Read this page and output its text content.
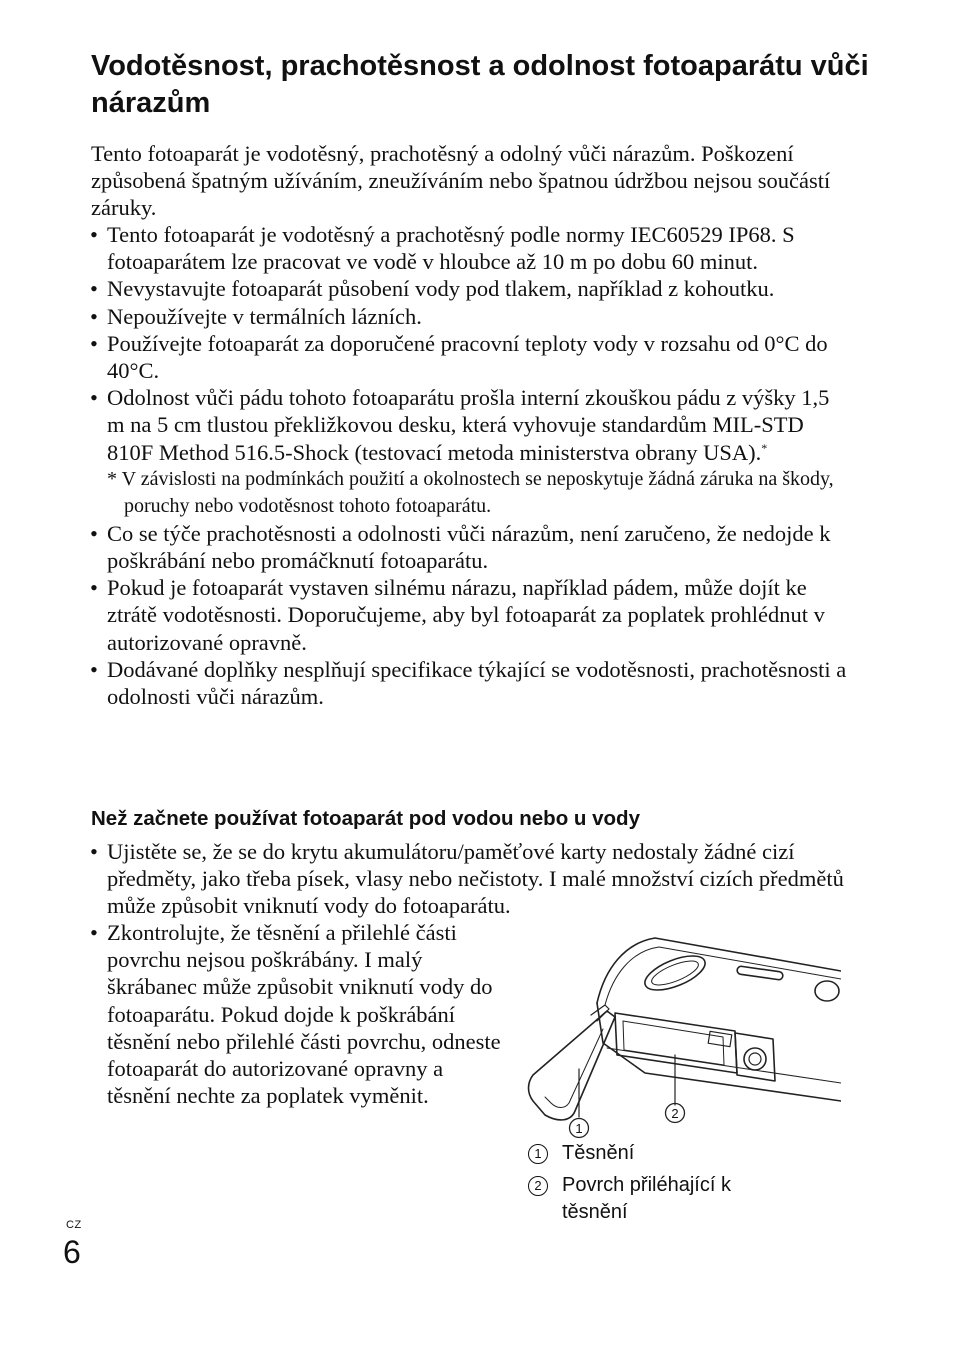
Vodotěsnost, prachotěsnost a odolnost fotoaparátu vůči nárazům

Tento fotoaparát je vodotěsný, prachotěsný a odolný vůči nárazům. Poškození způsobená špatným užíváním, zneužíváním nebo špatnou údržbou nejsou součástí záruky.

• Tento fotoaparát je vodotěsný a prachotěsný podle normy IEC60529 IP68. S fotoaparátem lze pracovat ve vodě v hloubce až 10 m po dobu 60 minut.
• Nevystavujte fotoaparát působení vody pod tlakem, například z kohoutku.
• Nepoužívejte v termálních lázních.
• Používejte fotoaparát za doporučené pracovní teploty vody v rozsahu od 0°C do 40°C.
• Odolnost vůči pádu tohoto fotoaparátu prošla interní zkouškou pádu z výšky 1,5 m na 5 cm tlustou překližkovou desku, která vyhovuje standardům MIL-STD 810F Method 516.5-Shock (testovací metoda ministerstva obrany USA).*
* V závislosti na podmínkách použití a okolnostech se neposkytuje žádná záruka na škody, poruchy nebo vodotěsnost tohoto fotoaparátu.
• Co se týče prachotěsnosti a odolnosti vůči nárazům, není zaručeno, že nedojde k poškrábání nebo promáčknutí fotoaparátu.
• Pokud je fotoaparát vystaven silnému nárazu, například pádem, může dojít ke ztrátě vodotěsnosti. Doporučujeme, aby byl fotoaparát za poplatek prohlédnut v autorizované opravně.
• Dodávané doplňky nesplňují specifikace týkající se vodotěsnosti, prachotěsnosti a odolnosti vůči nárazům.
Než začnete používat fotoaparát pod vodou nebo u vody
• Ujistěte se, že se do krytu akumulátoru/paměťové karty nedostaly žádné cizí předměty, jako třeba písek, vlasy nebo nečistoty. I malé množství cizích předmětů může způsobit vniknutí vody do fotoaparátu.
• Zkontrolujte, že těsnění a přilehlé části povrchu nejsou poškrábány. I malý škrábanec může způsobit vniknutí vody do fotoaparátu. Pokud dojde k poškrábání těsnění nebo přilehlé části povrchu, odneste fotoaparát do autorizované opravny a těsnění nechte za poplatek vyměnit.
1
2
1	Těsnění
2	Povrch přiléhající k těsnění
CZ
6
